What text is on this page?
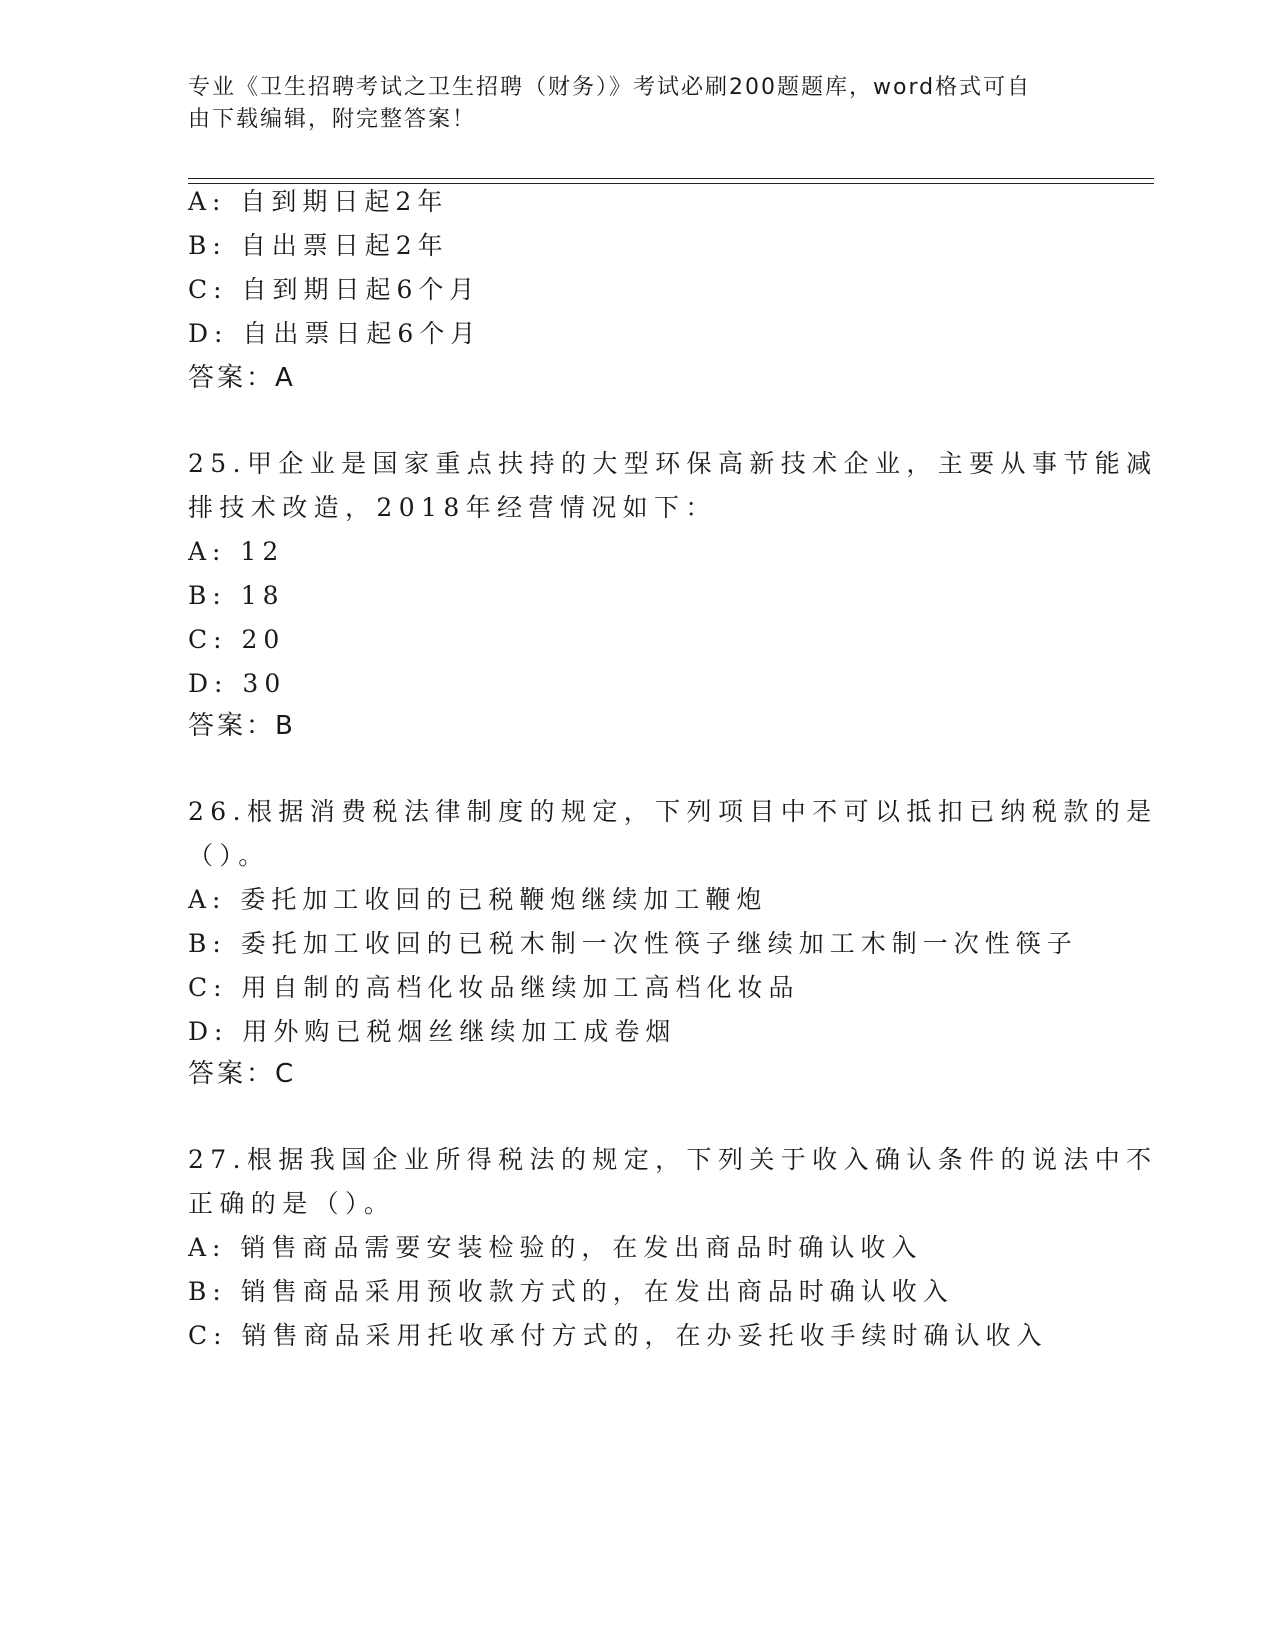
专业《卫生招聘考试之卫生招聘（财务）》考试必刷200题题库，word格式可自
由下载编辑，附完整答案！
A: 自到期日起2年
B: 自出票日起2年
C: 自到期日起6个月
D: 自出票日起6个月
答案：A
25.甲企业是国家重点扶持的大型环保高新技术企业，主要从事节能减
排技术改造，2018年经营情况如下：
A: 12
B: 18
C: 20
D: 30
答案：B
26.根据消费税法律制度的规定，下列项目中不可以抵扣已纳税款的是
（）。
A: 委托加工收回的已税鞭炮继续加工鞭炮
B: 委托加工收回的已税木制一次性筷子继续加工木制一次性筷子
C: 用自制的高档化妆品继续加工高档化妆品
D: 用外购已税烟丝继续加工成卷烟
答案：C
27.根据我国企业所得税法的规定，下列关于收入确认条件的说法中不
正确的是（）。
A: 销售商品需要安装检验的，在发出商品时确认收入
B: 销售商品采用预收款方式的，在发出商品时确认收入
C: 销售商品采用托收承付方式的，在办妥托收手续时确认收入
